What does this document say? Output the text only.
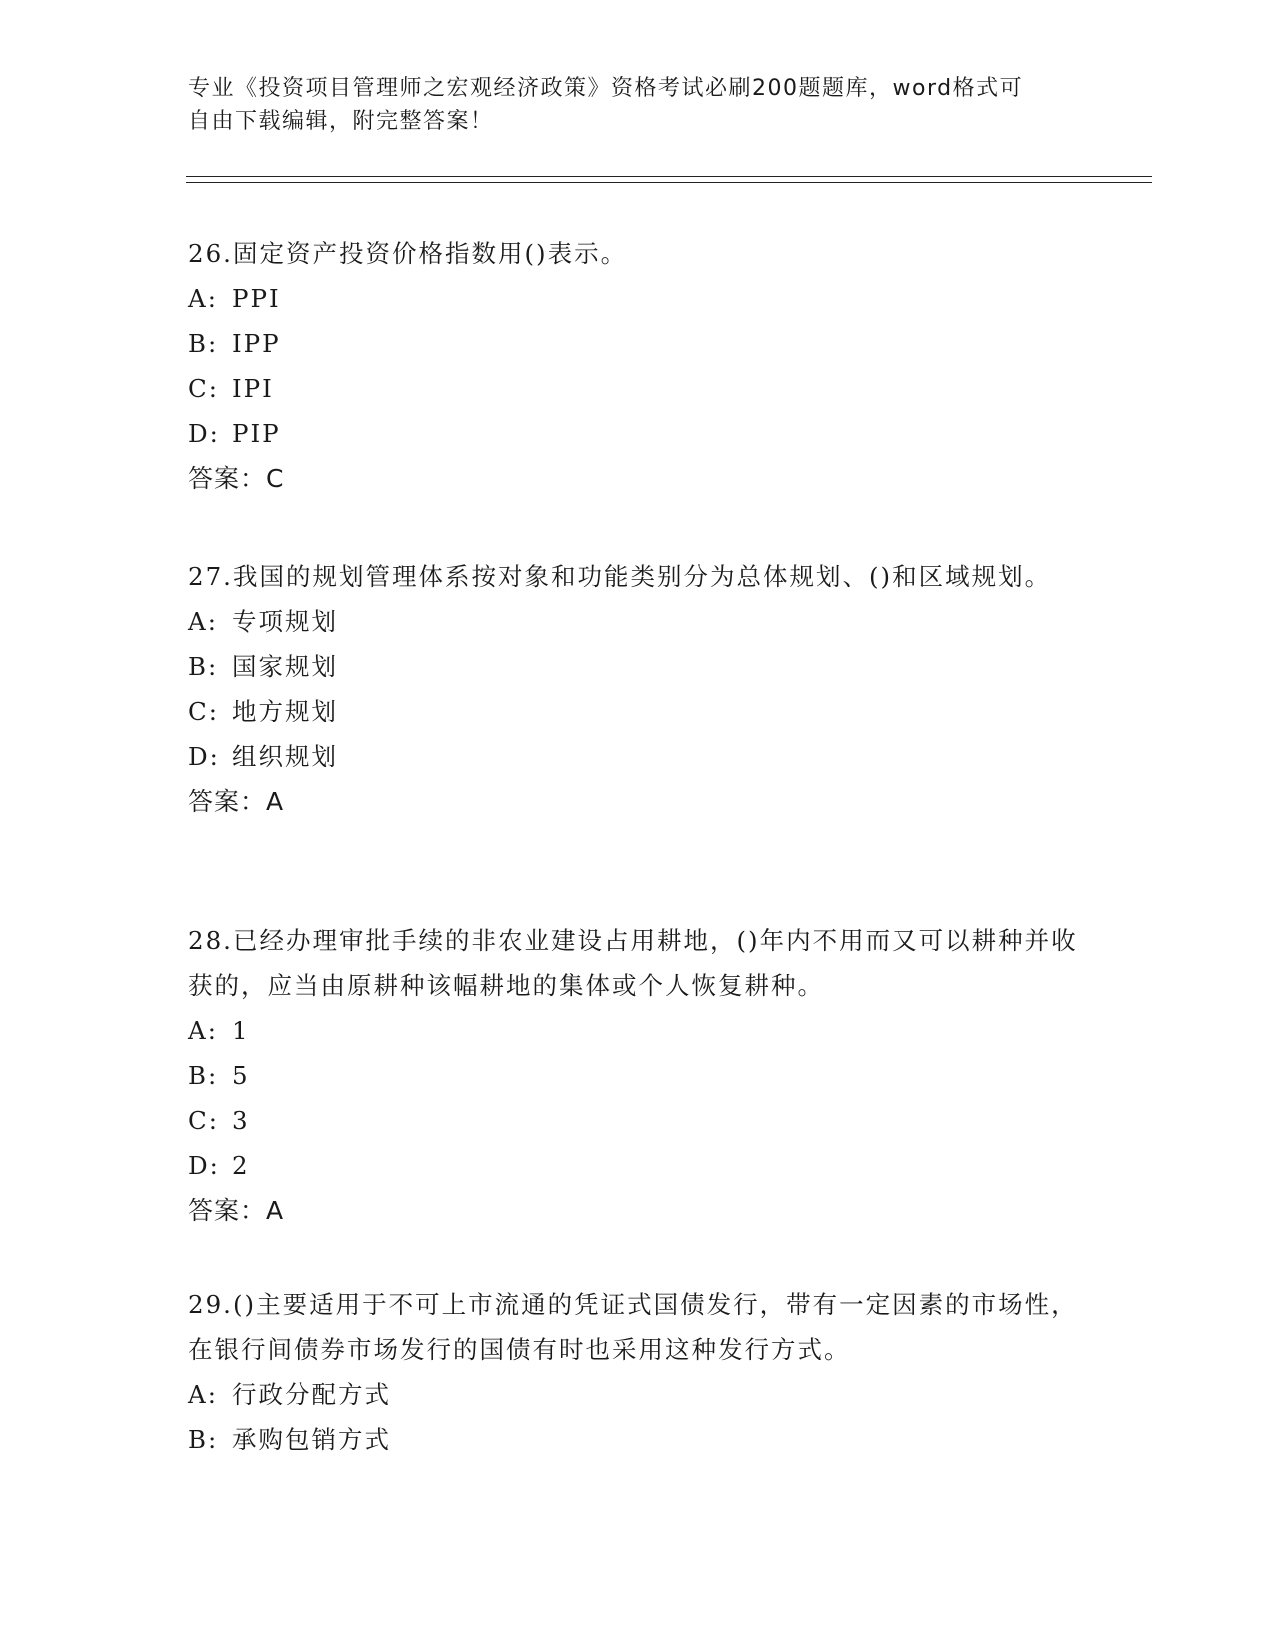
专业《投资项目管理师之宏观经济政策》资格考试必刷200题题库，word格式可
自由下载编辑，附完整答案！

26.固定资产投资价格指数用()表示。

A: PPI

B: IPP

C: IPI

D: PIP

答案：C

27.我国的规划管理体系按对象和功能类别分为总体规划、()和区域规划。

A: 专项规划

B: 国家规划

C: 地方规划

D: 组织规划

答案：A

28.已经办理审批手续的非农业建设占用耕地，()年内不用而又可以耕种并收获的，应当由原耕种该幅耕地的集体或个人恢复耕种。

A: 1

B: 5

C: 3

D: 2

答案：A

29.()主要适用于不可上市流通的凭证式国债发行，带有一定因素的市场性，在银行间债券市场发行的国债有时也采用这种发行方式。

A: 行政分配方式

B: 承购包销方式
